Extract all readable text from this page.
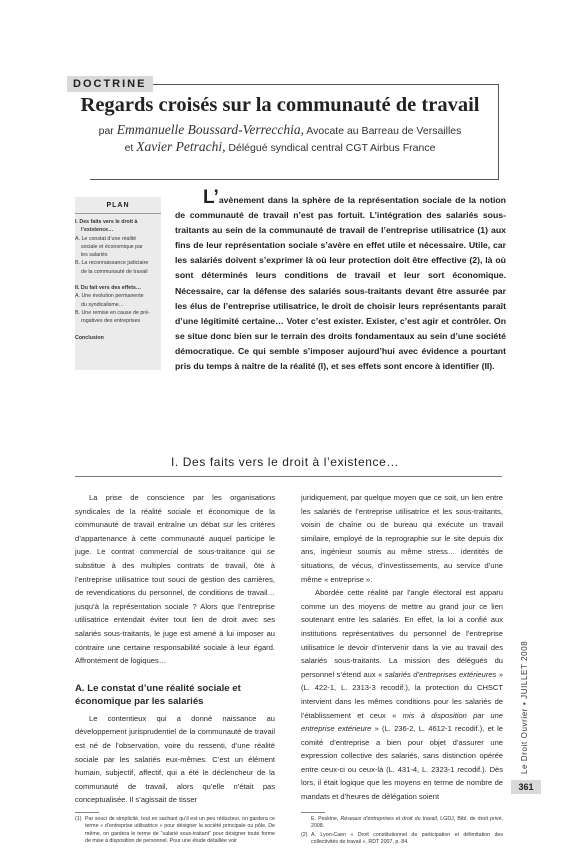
DOCTRINE
Regards croisés sur la communauté de travail
par Emmanuelle Boussard-Verrecchia, Avocate au Barreau de Versailles
et Xavier Petrachi, Délégué syndical central CGT Airbus France
PLAN
I. Des faits vers le droit à
l’existence…
A. Le constat d’une réalité
sociale et économique par
les salariés
B. La reconnaissance judiciaire
de la communauté de travail
II. Du fait vers des effets…
A. Une évolution permanente
du syndicalisme…
B. Une remise en cause de pré-
rogatives des entreprises
Conclusion
L’avènement dans la sphère de la représentation sociale de la notion de communauté de travail n’est pas fortuit. L’intégration des salariés sous-traitants au sein de la communauté de travail de l’entreprise utilisatrice (1) aux fins de leur représentation sociale s’avère en effet utile et nécessaire. Utile, car les salariés doivent s’exprimer là où leur protection doit être effective (2), là où sont déterminés leurs conditions de travail et leur sort économique. Nécessaire, car la défense des salariés sous-traitants devant être assurée par les élus de l’entreprise utilisatrice, le droit de choisir leurs représentants paraît d’une légitimité certaine… Voter c’est exister. Exister, c’est agir et contrôler. On se situe donc bien sur le terrain des droits fondamentaux au sein d’une société démocratique. Ce qui semble s’imposer aujourd’hui avec évidence a pourtant pris du temps à naître de la réalité (I), et ses effets sont encore à identifier (II).
I. Des faits vers le droit à l’existence…

La prise de conscience par les organisations syndicales de la réalité sociale et économique de la communauté de travail entraîne un débat sur les critères d’appartenance à cette communauté auquel participe le juge. Le contrat commercial de sous-traitance qui se substitue à des multiples contrats de travail, ôte à l’entreprise utilisatrice tout souci de gestion des carrières, de revendications du personnel, de conditions de travail… jusqu’à la représentation sociale ? Alors que l’entreprise utilisatrice entendait éviter tout lien de droit avec ses salariés sous-traitants, le juge est amené à lui imposer au contraire une certaine responsabilité sociale à leur égard. Affrontement de logiques…

A. Le constat d’une réalité sociale et économique par les salariés

Le contentieux qui a donné naissance au développement jurisprudentiel de la communauté de travail est né de l’observation, voire du ressenti, d’une réalité sociale par les salariés eux-mêmes. C’est un élément humain, subjectif, affectif, qui a été le déclencheur de la communauté de travail, alors qu’elle n’était pas conceptualisée. Il s’agissait de tisser

juridiquement, par quelque moyen que ce soit, un lien entre les salariés de l’entreprise utilisatrice et les sous-traitants, voisin de chaîne ou de bureau qui exécute un travail similaire, employé de la reprographie sur le site depuis dix ans, ingénieur soumis au même stress… identités de situations, de vécus, d’investissements, au service d’une même « entreprise ».

Abordée cette réalité par l’angle électoral est apparu comme un des moyens de mettre au grand jour ce lien soutenant entre les salariés. En effet, la loi a confié aux institutions représentatives du personnel de l’entreprise utilisatrice le devoir d’intervenir dans la vie au travail des salariés sous-traitants. La mission des délégués du personnel s’étend aux « salariés d’entreprises extérieures » (L. 422-1, L. 2313-3 recodif.), la protection du CHSCT intervient dans les mêmes conditions pour les salariés de l’établissement et ceux « mis à disposition par une entreprise extérieure » (L. 236-2, L. 4612-1 recodif.), et le comité d’entreprise a bien pour objet d’assurer une expression collective des salariés, sans distinction opérée entre ceux-ci ou ceux-là (L. 431-4, L. 2323-1 recodif.). Dès lors, il était logique que les moyens en terme de nombre de mandats et d’heures de délégation soient

(1) Par souci de simplicité, tout en sachant qu’il est un peu réducteur, on gardera ce terme « d’entreprise utilisatrice » pour désigner la société principale ou pôle. De même, on gardera le terme de “salarié sous-traitant” pour désigner toute forme de mise à disposition de personnel. Pour une étude détaillée voir
E. Peskine, Réseaux d’entreprises et droit du travail, LGDJ, Bibl. de droit privé, 2008.
(2) A. Lyon-Caen « Droit constitutionnel de participation et délimitation des collectivités de travail », RDT 2007, p. 84.
Le Droit Ouvrier • JUILLET 2008
361
